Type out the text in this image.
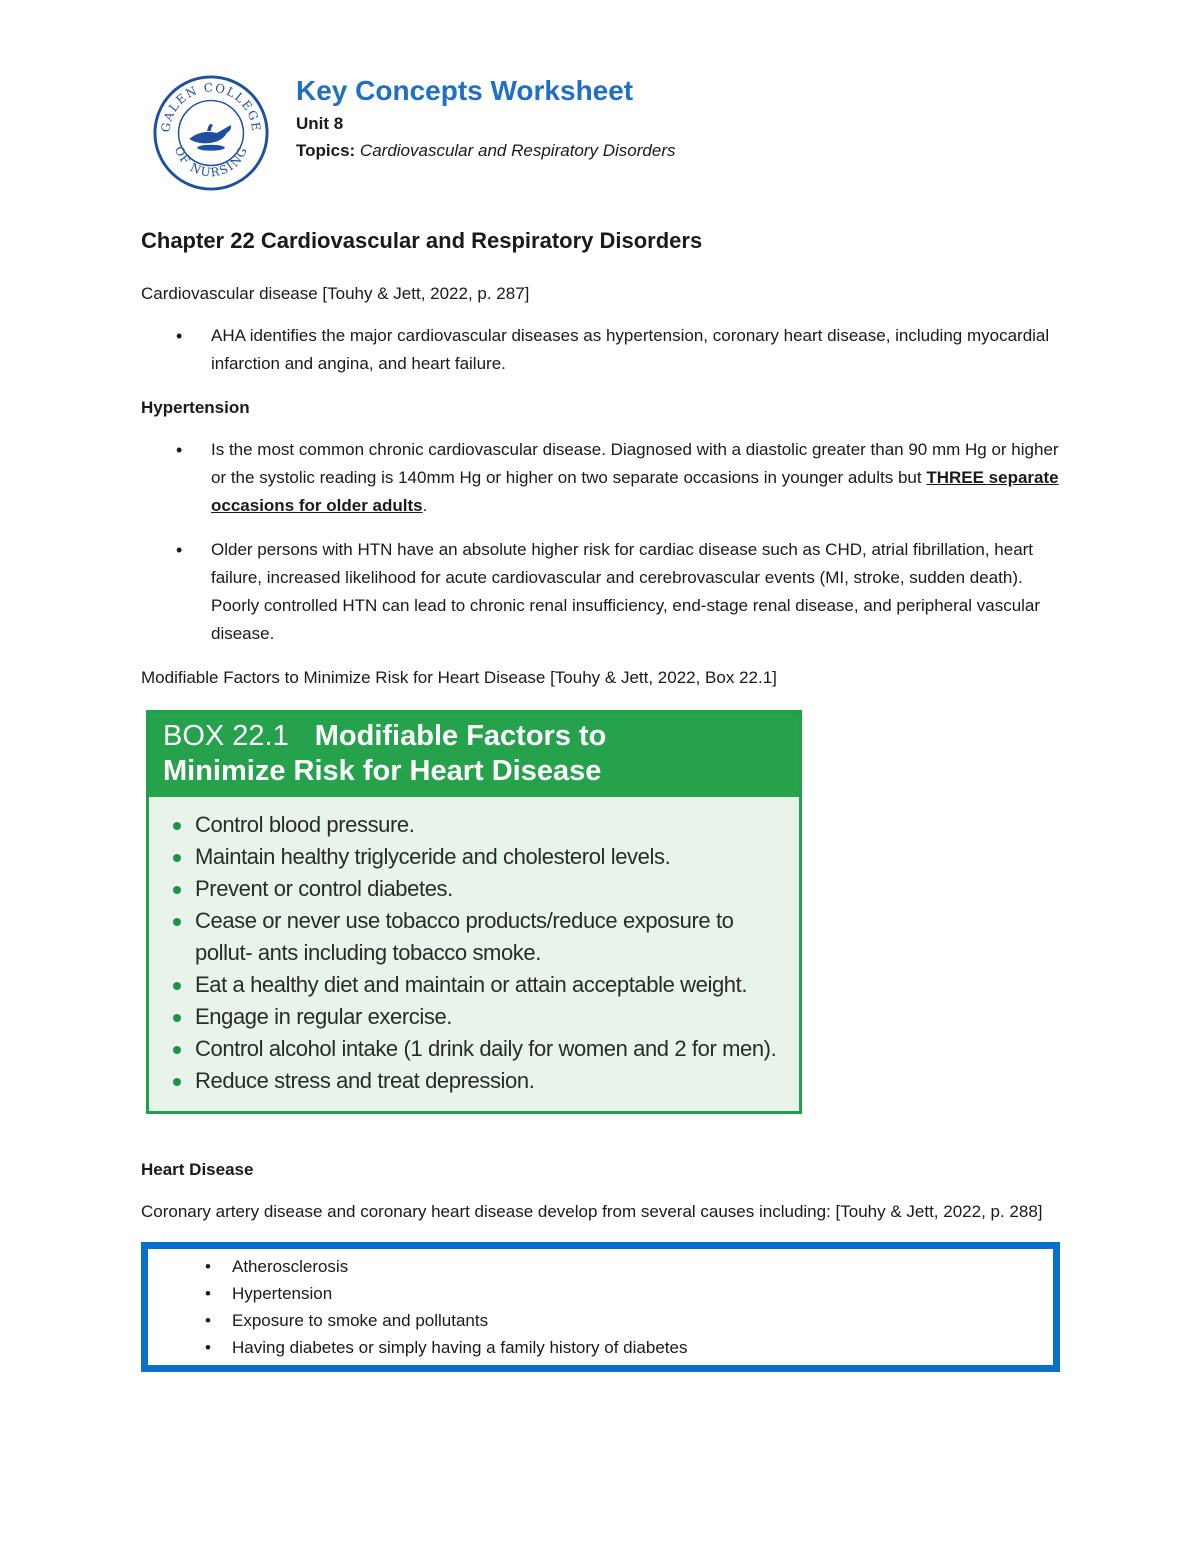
GALEN COLLEGE
OF NURSING
Key Concepts Worksheet
Unit 8
Topics: Cardiovascular and Respiratory Disorders
Chapter 22 Cardiovascular and Respiratory Disorders

Cardiovascular disease [Touhy & Jett, 2022, p. 287]

• AHA identifies the major cardiovascular diseases as hypertension, coronary heart disease, including myocardial infarction and angina, and heart failure.
Hypertension
• Is the most common chronic cardiovascular disease. Diagnosed with a diastolic greater than 90 mm Hg or higher or the systolic reading is 140mm Hg or higher on two separate occasions in younger adults but THREE separate occasions for older adults.
• Older persons with HTN have an absolute higher risk for cardiac disease such as CHD, atrial fibrillation, heart failure, increased likelihood for acute cardiovascular and cerebrovascular events (MI, stroke, sudden death). Poorly controlled HTN can lead to chronic renal insufficiency, end-stage renal disease, and peripheral vascular disease.

Modifiable Factors to Minimize Risk for Heart Disease [Touhy & Jett, 2022, Box 22.1]

BOX 22.1 Modifiable Factors to
Minimize Risk for Heart Disease
Control blood pressure.
Maintain healthy triglyceride and cholesterol levels.
Prevent or control diabetes.
Cease or never use tobacco products/reduce exposure to pollut- ants including tobacco smoke.
Eat a healthy diet and maintain or attain acceptable weight.
Engage in regular exercise.
Control alcohol intake (1 drink daily for women and 2 for men).
Reduce stress and treat depression.
Heart Disease

Coronary artery disease and coronary heart disease develop from several causes including: [Touhy & Jett, 2022, p. 288]

• Atherosclerosis
• Hypertension
• Exposure to smoke and pollutants
• Having diabetes or simply having a family history of diabetes
